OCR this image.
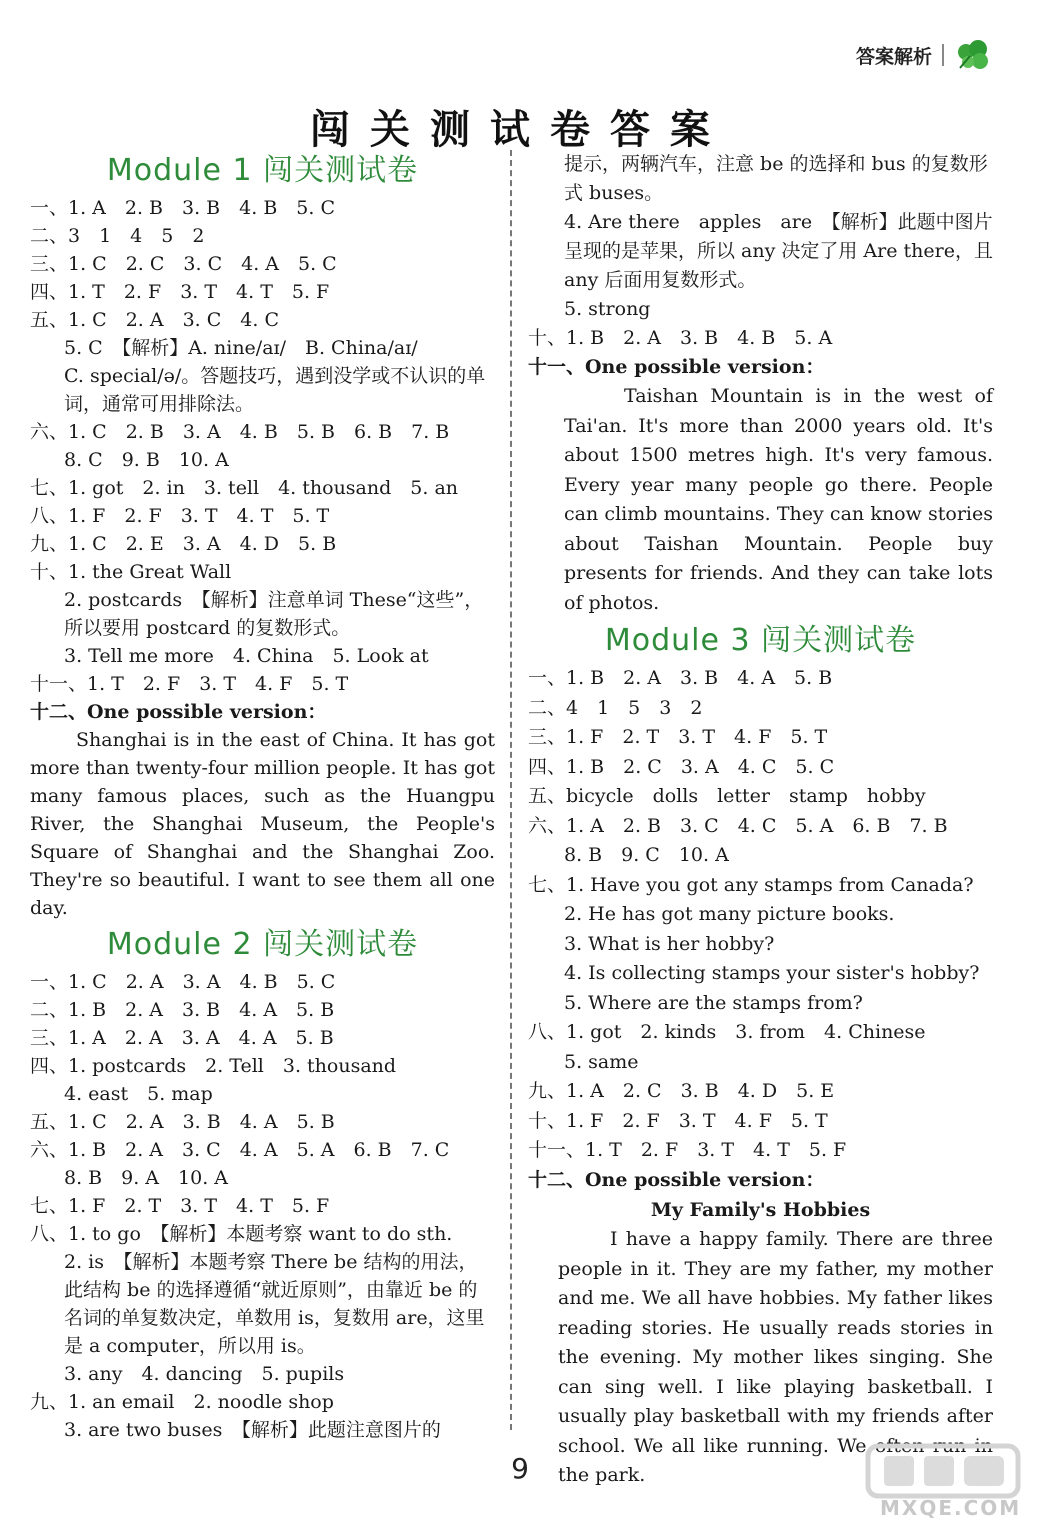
答案解析
闯关测试卷答案
Module 1 闯关测试卷
一、1. A　2. B　3. B　4. B　5. C
二、3　1　4　5　2
三、1. C　2. C　3. C　4. A　5. C
四、1. T　2. F　3. T　4. T　5. F
五、1. C　2. A　3. C　4. C
5. C　【解析】A. nine/aɪ/　B. China/aɪ/
C. special/ə/。答题技巧，遇到没学或不认识的单词，通常可用排除法。
六、1. C　2. B　3. A　4. B　5. B　6. B　7. B
8. C　9. B　10. A
七、1. got　2. in　3. tell　4. thousand　5. an
八、1. F　2. F　3. T　4. T　5. T
九、1. C　2. E　3. A　4. D　5. B
十、1. the Great Wall
2. postcards　【解析】注意单词 These“这些”，所以要用 postcard 的复数形式。
3. Tell me more　4. China　5. Look at
十一、1. T　2. F　3. T　4. F　5. T
十二、One possible version：
Shanghai is in the east of China. It has got more than twenty-four million people. It has got many famous places, such as the Huangpu River, the Shanghai Museum, the People's Square of Shanghai and the Shanghai Zoo. They're so beautiful. I want to see them all one day.
Module 2 闯关测试卷
一、1. C　2. A　3. A　4. B　5. C
二、1. B　2. A　3. B　4. A　5. B
三、1. A　2. A　3. A　4. A　5. B
四、1. postcards　2. Tell　3. thousand
4. east　5. map
五、1. C　2. A　3. B　4. A　5. B
六、1. B　2. A　3. C　4. A　5. A　6. B　7. C
8. B　9. A　10. A
七、1. F　2. T　3. T　4. T　5. F
八、1. to go　【解析】本题考察 want to do sth.
2. is　【解析】本题考察 There be 结构的用法，此结构 be 的选择遵循“就近原则”，由靠近 be 的名词的单复数决定，单数用 is，复数用 are，这里是 a computer，所以用 is。
3. any　4. dancing　5. pupils
九、1. an email　2. noodle shop
3. are two buses　【解析】此题注意图片的
提示，两辆汽车，注意 be 的选择和 bus 的复数形式 buses。
4. Are there　apples　are　【解析】此题中图片呈现的是苹果，所以 any 决定了用 Are there，且 any 后面用复数形式。
5. strong
十、1. B　2. A　3. B　4. B　5. A
十一、One possible version：
Taishan Mountain is in the west of Tai'an. It's more than 2000 years old. It's about 1500 metres high. It's very famous. Every year many people go there. People can climb mountains. They can know stories about Taishan Mountain. People buy presents for friends. And they can take lots of photos.
Module 3 闯关测试卷
一、1. B　2. A　3. B　4. A　5. B
二、4　1　5　3　2
三、1. F　2. T　3. T　4. F　5. T
四、1. B　2. C　3. A　4. C　5. C
五、bicycle　dolls　letter　stamp　hobby
六、1. A　2. B　3. C　4. C　5. A　6. B　7. B
8. B　9. C　10. A
七、1. Have you got any stamps from Canada?
2. He has got many picture books.
3. What is her hobby?
4. Is collecting stamps your sister's hobby?
5. Where are the stamps from?
八、1. got　2. kinds　3. from　4. Chinese
5. same
九、1. A　2. C　3. B　4. D　5. E
十、1. F　2. F　3. T　4. F　5. T
十一、1. T　2. F　3. T　4. T　5. F
十二、One possible version：
My Family's Hobbies
I have a happy family. There are three people in it. They are my father, my mother and me. We all have hobbies. My father likes reading stories. He usually reads stories in the evening. My mother likes singing. She can sing well. I like playing basketball. I usually play basketball with my friends after school. We all like running. We often run in the park.
9
MXQE.COM
